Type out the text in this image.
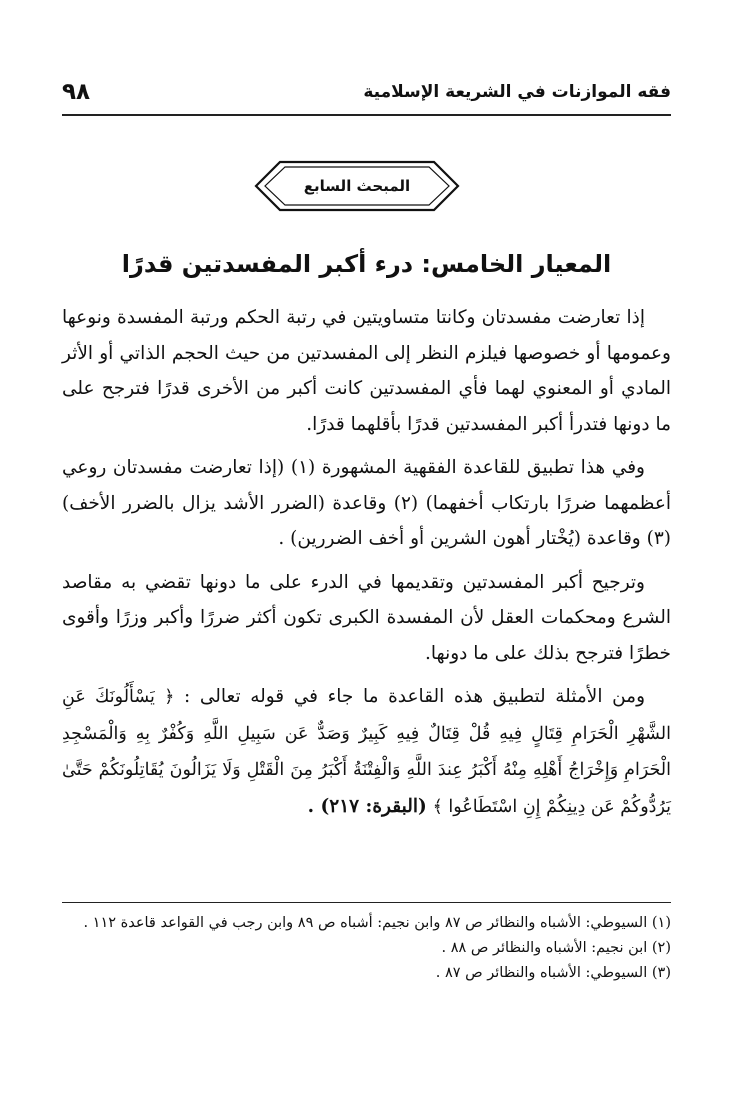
فقه الموازنات في الشريعة الإسلامية
٩٨
المبحث السابع
المعيار الخامس: درء أكبر المفسدتين قدرًا

إذا تعارضت مفسدتان وكانتا متساويتين في رتبة الحكم ورتبة المفسدة ونوعها وعمومها أو خصوصها فيلزم النظر إلى المفسدتين من حيث الحجم الذاتي أو الأثر المادي أو المعنوي لهما فأي المفسدتين كانت أكبر من الأخرى قدرًا فترجح على ما دونها فتدرأ أكبر المفسدتين قدرًا بأقلهما قدرًا.

وفي هذا تطبيق للقاعدة الفقهية المشهورة (١) (إذا تعارضت مفسدتان روعي أعظمهما ضررًا بارتكاب أخفهما) (٢) وقاعدة (الضرر الأشد يزال بالضرر الأخف) (٣) وقاعدة (يُخْتار أهون الشرين أو أخف الضررين) .

وترجيح أكبر المفسدتين وتقديمها في الدرء على ما دونها تقضي به مقاصد الشرع ومحكمات العقل لأن المفسدة الكبرى تكون أكثر ضررًا وأكبر وزرًا وأقوى خطرًا فترجح بذلك على ما دونها.

ومن الأمثلة لتطبيق هذه القاعدة ما جاء في قوله تعالى : ﴿ يَسْأَلُونَكَ عَنِ الشَّهْرِ الْحَرَامِ قِتَالٍ فِيهِ قُلْ قِتَالٌ فِيهِ كَبِيرٌ وَصَدٌّ عَن سَبِيلِ اللَّهِ وَكُفْرٌ بِهِ وَالْمَسْجِدِ الْحَرَامِ وَإِخْرَاجُ أَهْلِهِ مِنْهُ أَكْبَرُ عِندَ اللَّهِ وَالْفِتْنَةُ أَكْبَرُ مِنَ الْقَتْلِ وَلَا يَزَالُونَ يُقَاتِلُونَكُمْ حَتَّىٰ يَرُدُّوكُمْ عَن دِينِكُمْ إِنِ اسْتَطَاعُوا ﴾ (البقرة: ٢١٧) .

(١) السيوطي: الأشباه والنظائر ص ٨٧ وابن نجيم: أشباه ص ٨٩ وابن رجب في القواعد قاعدة ١١٢ .

(٢) ابن نجيم: الأشباه والنظائر ص ٨٨ .

(٣) السيوطي: الأشباه والنظائر ص ٨٧ .
